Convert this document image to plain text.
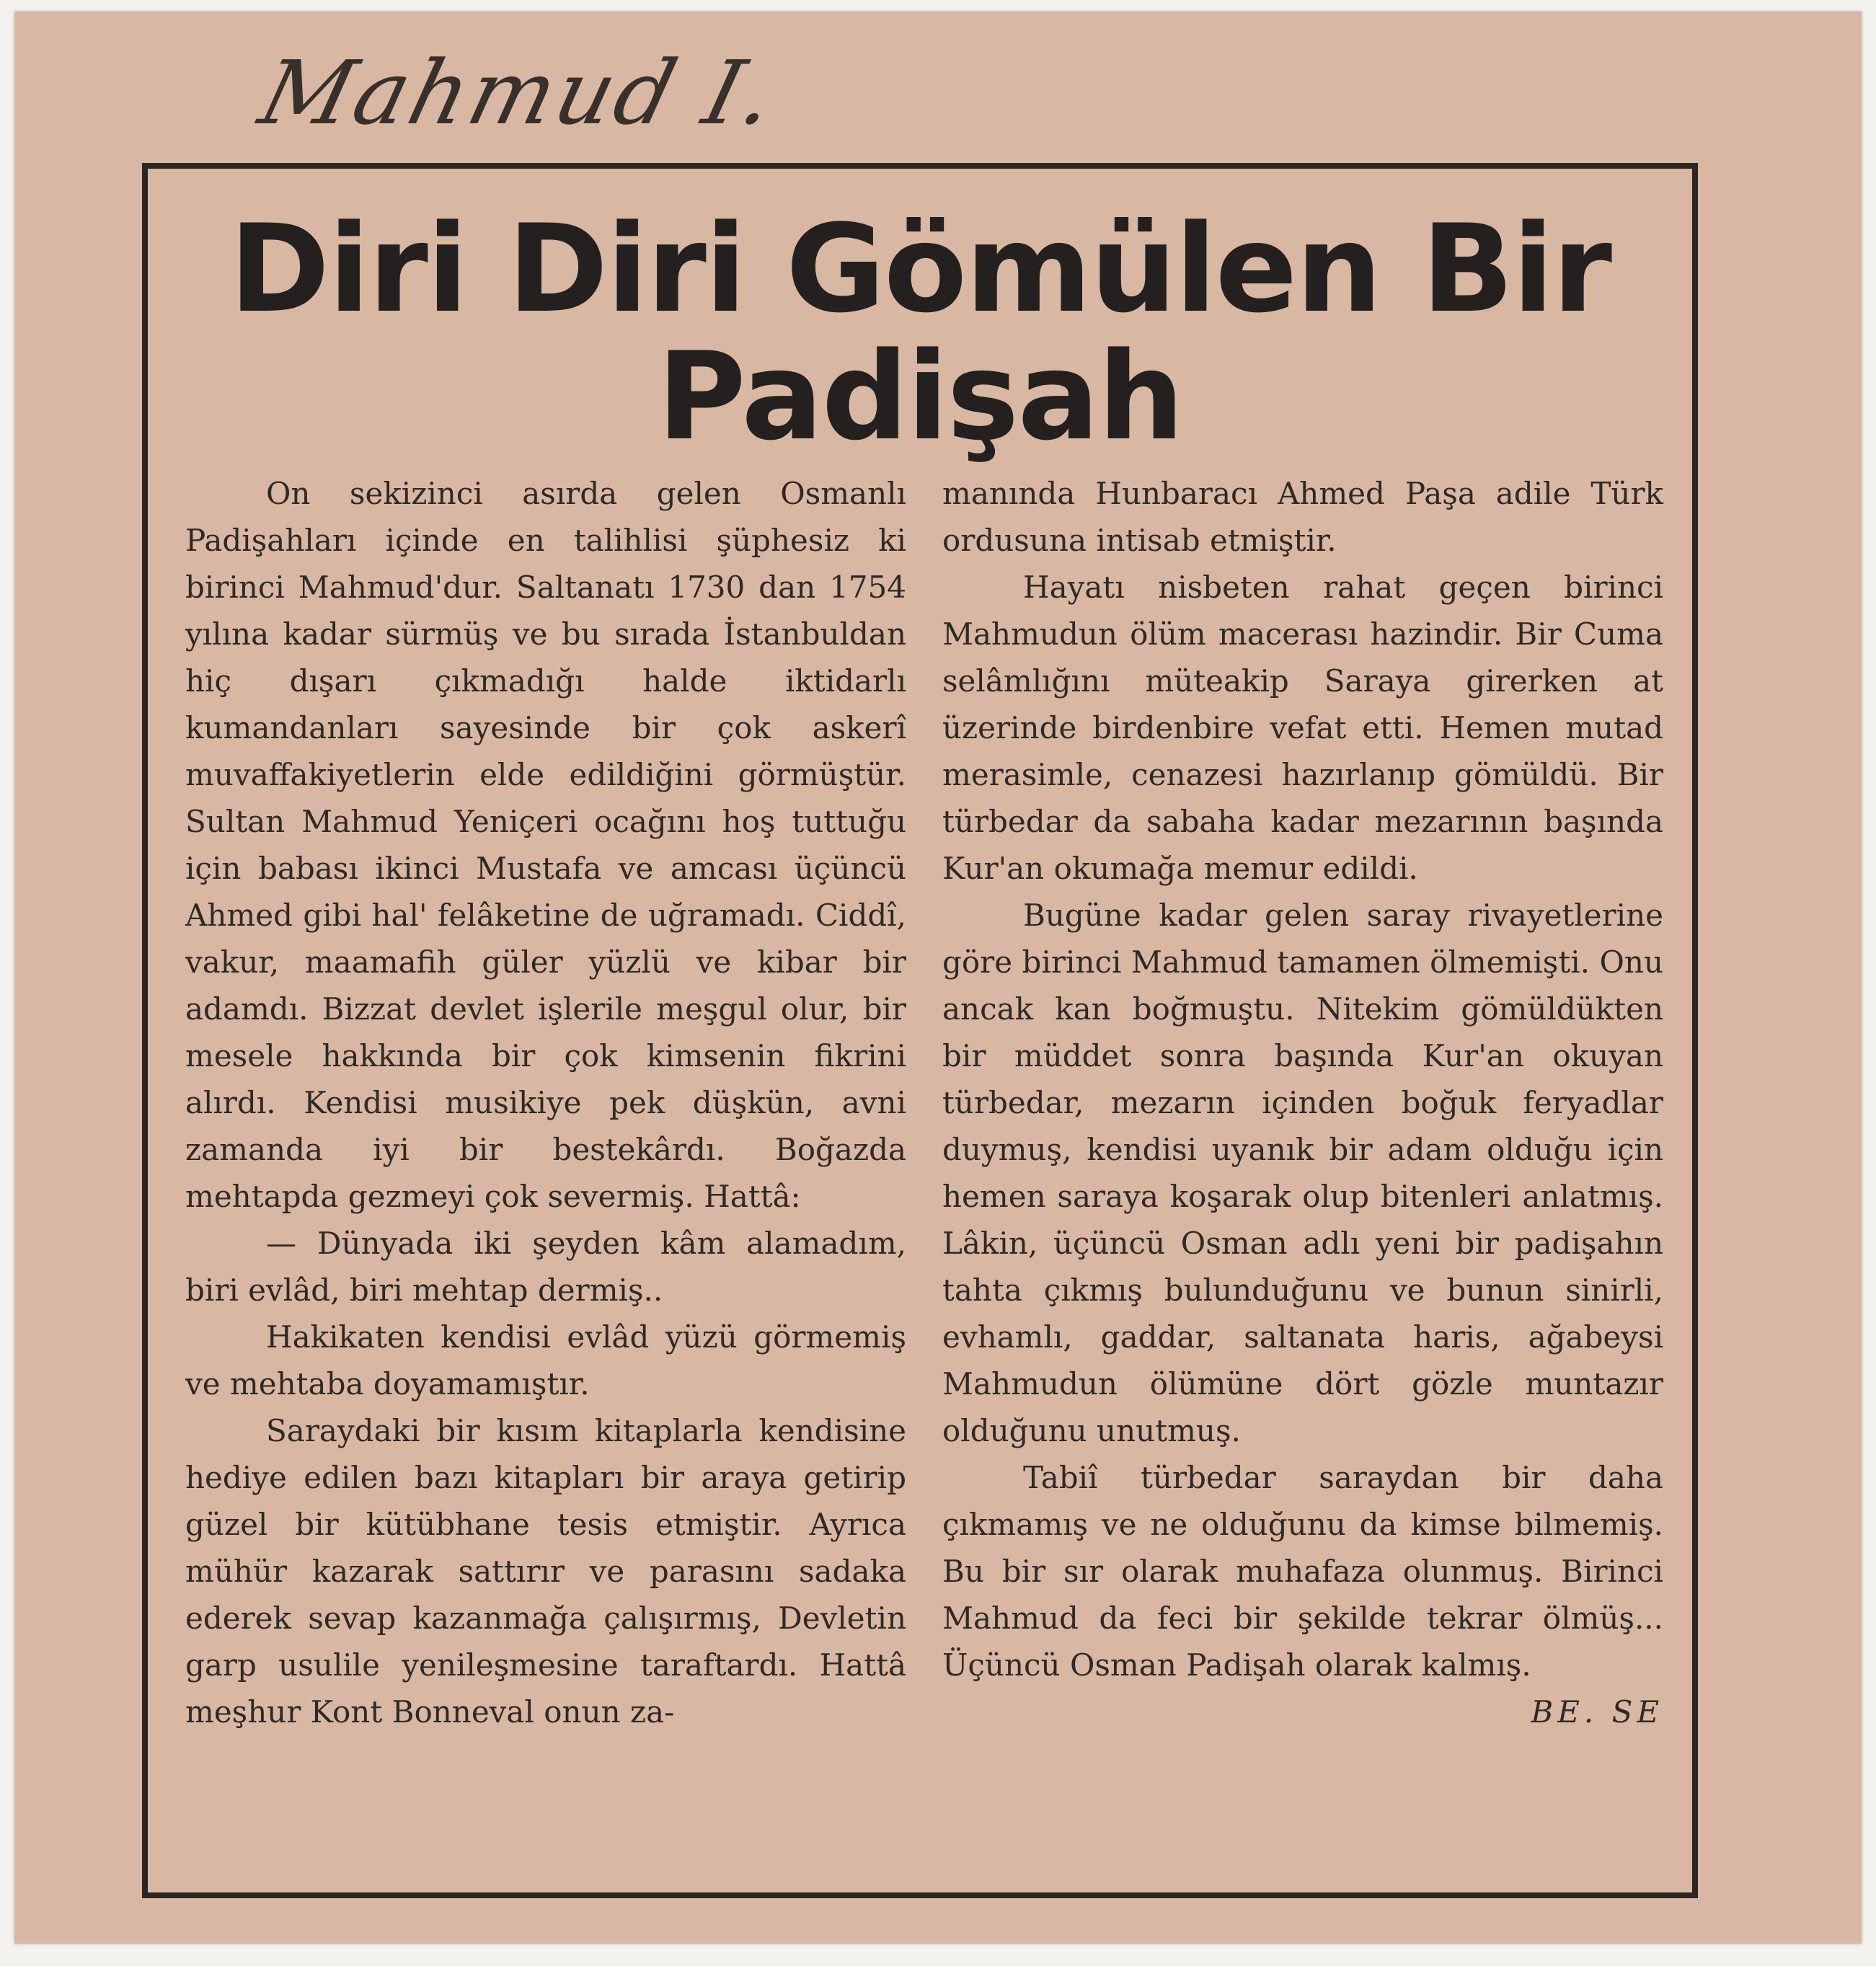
Mahmud I.
Diri Diri Gömülen Bir
Padişah

On sekizinci asırda gelen Osmanlı Padişahları içinde en talihlisi şüphesiz ki birinci Mahmud'dur. Saltanatı 1730 dan 1754 yılına kadar sürmüş ve bu sırada İstanbuldan hiç dışarı çıkmadığı halde iktidarlı kumandanları sayesinde bir çok askerî muvaffakiyetlerin elde edildiğini görmüştür. Sultan Mahmud Yeniçeri ocağını hoş tuttuğu için babası ikinci Mustafa ve amcası üçüncü Ahmed gibi hal' felâketine de uğramadı. Ciddî, vakur, maamafih güler yüzlü ve kibar bir adamdı. Bizzat devlet işlerile meşgul olur, bir mesele hakkında bir çok kimsenin fikrini alırdı. Kendisi musikiye pek düşkün, avni zamanda iyi bir bestekârdı. Boğazda mehtapda gezmeyi çok severmiş. Hattâ:

— Dünyada iki şeyden kâm alamadım, biri evlâd, biri mehtap dermiş..

Hakikaten kendisi evlâd yüzü görmemiş ve mehtaba doyamamıştır.

Saraydaki bir kısım kitaplarla kendisine hediye edilen bazı kitapları bir araya getirip güzel bir kütübhane tesis etmiştir. Ayrıca mühür kazarak sattırır ve parasını sadaka ederek sevap kazanmağa çalışırmış, Devletin garp usulile yenileşmesine taraftardı. Hattâ meşhur Kont Bonneval onun za-

manında Hunbaracı Ahmed Paşa adile Türk ordusuna intisab etmiştir.

Hayatı nisbeten rahat geçen birinci Mahmudun ölüm macerası hazindir. Bir Cuma selâmlığını müteakip Saraya girerken at üzerinde birdenbire vefat etti. Hemen mutad merasimle, cenazesi hazırlanıp gömüldü. Bir türbedar da sabaha kadar mezarının başında Kur'an okumağa memur edildi.

Bugüne kadar gelen saray rivayetlerine göre birinci Mahmud tamamen ölmemişti. Onu ancak kan boğmuştu. Nitekim gömüldükten bir müddet sonra başında Kur'an okuyan türbedar, mezarın içinden boğuk feryadlar duymuş, kendisi uyanık bir adam olduğu için hemen saraya koşarak olup bitenleri anlatmış. Lâkin, üçüncü Osman adlı yeni bir padişahın tahta çıkmış bulunduğunu ve bunun sinirli, evhamlı, gaddar, saltanata haris, ağabeysi Mahmudun ölümüne dört gözle muntazır olduğunu unutmuş.

Tabiî türbedar saraydan bir daha çıkmamış ve ne olduğunu da kimse bilmemiş. Bu bir sır olarak muhafaza olunmuş. Birinci Mahmud da feci bir şekilde tekrar ölmüş... Üçüncü Osman Padişah olarak kalmış.
BE. SE
